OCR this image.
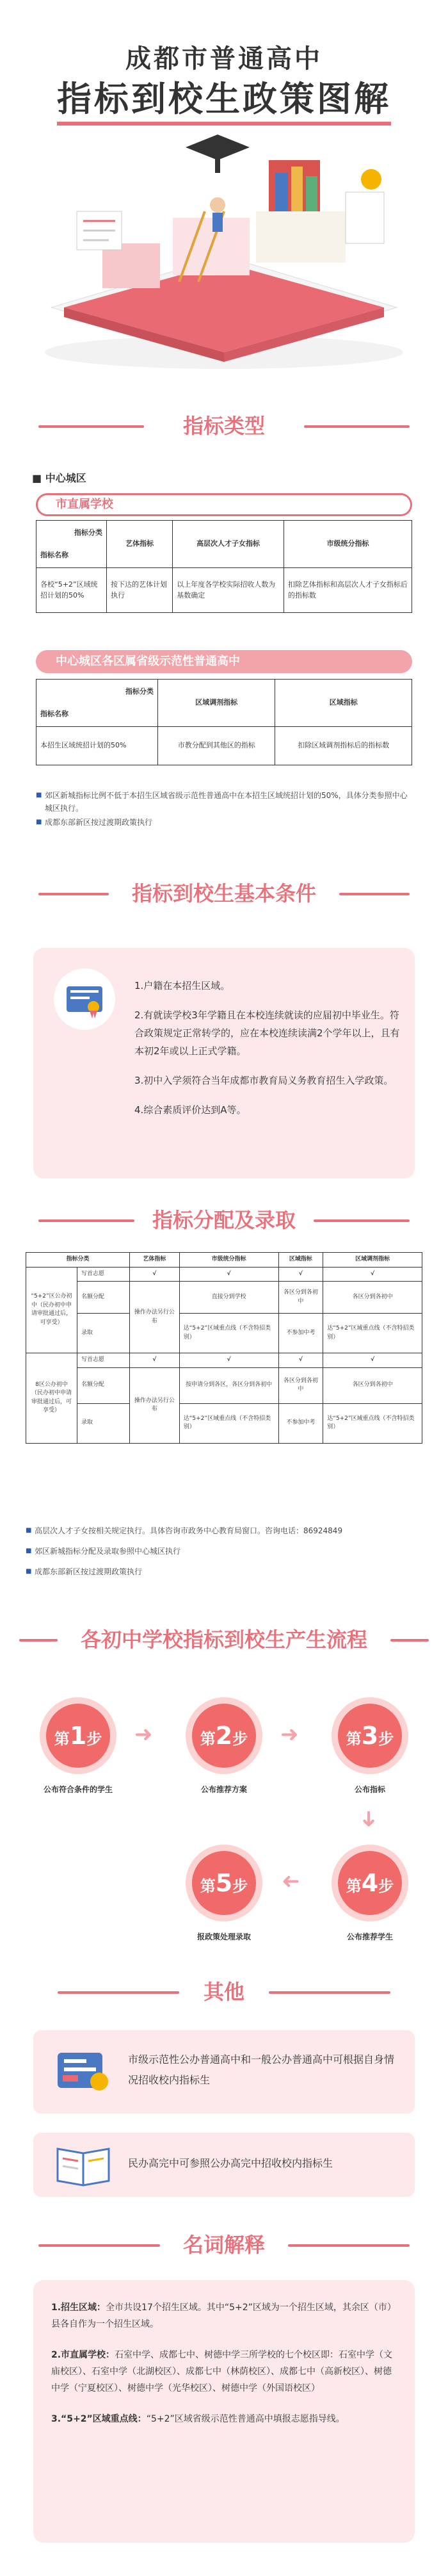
成都市普通高中
指标到校生政策图解
指标类型
■ 中心城区
市直属学校
指标分类
指标名称	艺体指标	高层次人才子女指标	市级统分指标
各校“5+2”区域统招计划的50%	按下达的艺体计划执行	以上年度各学校实际招收人数为基数确定	扣除艺体指标和高层次人才子女指标后的指标数
中心城区各区属省级示范性普通高中
指标分类
指标名称	区域调剂指标	区域指标
本招生区域统招计划的50%	市教分配到其他区的指标	扣除区域调剂指标后的指标数
■ 郊区新城指标比例不低于本招生区域省级示范性普通高中在本招生区域统招计划的50%，具体分类参照中心城区执行。
■ 成都东部新区按过渡期政策执行
指标到校生基本条件

1.户籍在本招生区域。

2.有就读学校3年学籍且在本校连续就读的应届初中毕业生。符合政策规定正常转学的，应在本校连续读满2个学年以上，且有本初2年或以上正式学籍。

3.初中入学须符合当年成都市教育局义务教育招生入学政策。

4.综合素质评价达到A等。

指标分配及录取
指标分类		艺体指标	市级统分指标	区域指标	区域调剂指标
“5+2”区公办初中（民办初中申请审批通过后，可享受）	写首志愿	√	√	√	√
	名额分配	操作办法另行公布	直接分到学校	各区分到各初中	各区分到各初中
	录取		达“5+2”区域重点线（不含特招类别）	不参加中考	达“5+2”区域重点线（不含特招类别）
8区公办初中（民办初中申请审批通过后，可享受）	写首志愿	√	√	√	√
	名额分配	操作办法另行公布	按申请分到各区，各区分到各初中	各区分到各初中	各区分到各初中
	录取		达“5+2”区域重点线（不含特招类别）	不参加中考	达“5+2”区域重点线（不含特招类别）
■ 高层次人才子女按相关规定执行。具体咨询市政务中心教育局窗口。咨询电话：86924849
■ 郊区新城指标分配及录取参照中心城区执行
■ 成都东部新区按过渡期政策执行
各初中学校指标到校生产生流程
第1步
公布符合条件的学生
➜	第2步
公布推荐方案
➜	第3步
公布指标
➜
第4步
公布推荐学生
➜
第5步
报政策处理录取
其他
市级示范性公办普通高中和一般公办普通高中可根据自身情况招收校内指标生
民办高完中可参照公办高完中招收校内指标生
名词解释

1.招生区域：全市共设17个招生区域。其中“5+2”区域为一个招生区域，其余区（市）县各自作为一个招生区域。

2.市直属学校：石室中学、成都七中、树德中学三所学校的七个校区即：石室中学（文庙校区）、石室中学（北湖校区）、成都七中（林荫校区）、成都七中（高新校区）、树德中学（宁夏校区）、树德中学（光华校区）、树德中学（外国语校区）

3.“5+2”区域重点线：“5+2”区域省级示范性普通高中填报志愿指导线。
